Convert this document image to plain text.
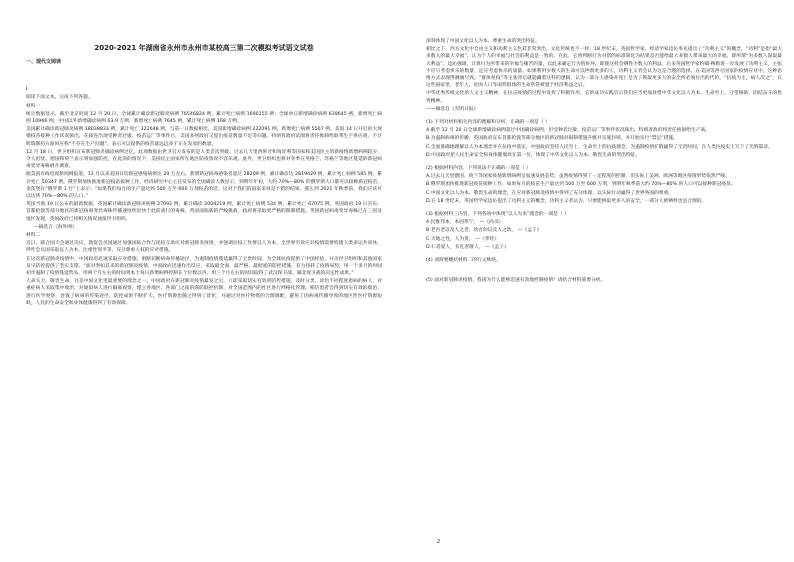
2020-2021 年湖南省永州市永州市某校高三第二次模拟考试语文试卷
一、现代文阅读

I.

阅读下面文本，完成下列各题。

材料一

统计数据显示，截至北京时间 12 月 20 日，全球累计确诊新冠肺炎病例 76546824 例，累计死亡病例 1690155 例；全球单日新增确诊病例 639645 例，新增死亡病例 10966 例。中国以外新增确诊病例 63.9 万例，新增死亡病例 7645 例，累计死亡病例 168 万例。

美国累计确诊新冠肺炎病例 18038833 例，累计死亡 322648 例，与前一日数据相比，美国新增确诊病例 222091 例，新增死亡病例 5507 例。美国 14 日开启的大规模疫苗接种工作状况频出，在接连出现受种者过敏、疫苗运厂等事件后，美国多州政府又提出疫苗数量不足等问题。特朗普政府试图将责任推卸给联邦生产供应商，不过辉瑞制药方面回应称“不存在生产问题”，表示可以提供的疫苗量远远多于正在发放的数量。

12 月 18 日，世卫组织宣布新冠肺炎确诊病例过亿，此项数据由世卫官方发布的是人类首次突破。过去几天里西班牙和匈牙利等国家和美国民主的新疫情新增病例较少，令人担忧。德国和荷兰表示将加强防控，在此前的情况下，美国民主国家所在地区防疫情况不容乐观。此外，世卫组织也将对冬季在英格兰、苏格兰等地区蔓延的新冠病毒变异毒株展开调查。

据美国有线电视新闻网报道，12 月以来美国日均新冠感染病例达 20 万左右，新增新冠病毒感染者超过 28209 例，累计确诊达 2819429 例，累计死亡病例 585 例。累计死亡 50347 例。俄罗斯加快推进新冠疫苗接种工作，经济研究中心主任发布的全国确诊人数显示，到明年年初，大约 70%—80% 的俄罗斯人口都可以接种新冠疫苗，金茨堡在“俄罗斯 1 台”上表示：“如果我们每月的生产量达到 500 万至 600 万剂疫苗的话，这对于我们的国家来说是不错的结果。那么到 2021 年秋季前，我们应该可以达到 70%—80% 的人口。”

英国当地 19 日公布的最新数据，英国累计确诊新冠肺炎病例 27092 例，累计确诊 2004219 例，累计死亡病例 534 例，累计死亡 67075 例。英国政府 19 日宣布，首都伦敦等部分地区的新冠病毒变异毒株传播速度明显快于此前流行的毒株，英国面临新的严峻挑战，政府将采取更严格的限制措施。英国新冠病毒变异毒株已在三国及地区发现，英国政府已将相关情况通报世卫组织。

—摘选自《海外网》

材料二

近日，联合国大会通过决议，敦促会员国通过加强国际合作与团结互助应对新冠肺炎疫情，并强调抗疫工作要以人为本，全世界有效应对疫情需要构建人类命运共同体，呼吁会员国采取以人为本、注重性别平等、充分尊重人权的应对措施。

在这次新冠肺炎疫情中，中国政府迅速采取应对措施，果断切断病毒传播途径，为遏制疫情蔓延赢得了宝贵时间，为全球抗疫提供了中国经验，并为世卫组织和其他国家及早防控提供了坚实支撑。“面对突如其来的新冠肺炎疫情，中国政府迅速作出反应，采取最全面、最严格、最彻底的防控措施，有力扭转了疫情局势，用一个多月的时间初步遏制了疫情蔓延势头，用两个月左右的时间将本土每日新增病例控制在个位数以内，用三个月左右的时间取得了武汉保卫战、湖北保卫战的决定性成果。”

人命关天，敬畏生命，这是中国文化里最重要的理念之一。中国政府在新冠肺炎疫情暴发之后，立即采取切实有效的防控措施，及时分类、诊治不同程度患病的病人，对重症病人采取集中收治，对疑似病人进行隔离观察，建立各地区、各部门之间的联防联控机制，对全国范围内的社区进行网格化管理。相信患者会得到切实有效的救治，进行医学观察，处置了病毒的传染途径，防控成果不断扩大。医疗资源也随之得到了优化，并通过对医疗物资的合理调配，避免了因病毒传播导致的地区性医疗资源短缺，人民的生命安全和身体健康得到了有效保障。

深刻体现了中国文化以人为本、尊重生命的突出特征。

相比之下，西方文化中自由主义和功利主义色彩非常突出，文化传统也不一样。18 世纪末，英国哲学家、经济学家边沁率先提出了“功利主义”的概念，“功利”是指“最大多数人的最大幸福”，认为个人的幸福与社会的利益是一致的。在此，它将判断行为对错的标准简化为结果是否能给最大多数人带来最大的幸福，即所谓“为多数人谋取最大利益”。边沁强调，计算行为所带来的幸福与痛苦的量，以此来确定行为的好坏，即使这样会牺牲少数人的利益。后来英国哲学家约翰·穆勒进一步发展了功利主义，主张不应只考虑快乐的数量，还应考虑快乐的质量。如果利用少数人的生命可以拯救更多的人，功利主义者会认为这是合理的选择。在美国等西方国家的疫情应对中，这种思维方式表现得淋漓尽致。“群体免疫”等主张背后就隐藏着这样的逻辑，认为一部分人感染并死亡是为了换取更多人的安全所必须付出的代价。“抗疫为主，病人次之”，在这些国家里，老年人、贫困人口等弱势群体的生命常常被置于经济利益之后。

中华优秀传统文化的人文主义精神，在抗击疫情的过程中发挥了积极作用，它的成功实践启示我们应当更加珍惜中华文化以人为本、生命至上、守望相助、团结奋斗的优秀精神。

——摘选自《光明日报》

(1) 下列对材料相关内容的理解和分析，正确的一项是（ ）

A.截至 12 月 20 日全球新增确诊病例超过中国确诊病例，但受种者过敏、疫苗运厂等事件状况频出，特朗普政府将责任推卸给生产商。

B.为遏制病毒的传播，英国政府宣布首都伦敦等部分地区的新冠肺炎限制措施升级并实施封锁，并开始实行“禁足”措施。

C.全面准确地理解以人为本理念并在抗疫中落实，中国政府坚持人民至上、生命至上的抗疫理念，为遏制疫情扩散赢得了宝贵时间，在人类抗疫史上写下了光辉篇章。

D.中国政府把人民生命安全和身体健康放在第一位，体现了中华文化以人为本、敬畏生命的突出特征。

(2) 根据材料内容，下列说法不正确的一项是（ ）

A.过去几天里德国、荷兰等国家疫情新增病例呈加速发展态势，虽然疫情得到了一定程度的控制，但实际上美洲、欧洲等地区疫情形势依然严峻。

B.俄罗斯加快推进新冠疫苗接种工作，如果每月的疫苗生产量达到 500 万至 600 万剂，到明年秋季前大约 70%—80% 的人口可以接种新冠疫苗。

C.中国文化以人为本、敬畏生命的理念，在应对新冠肺炎疫情中得到了充分体现，以实际行动赢得了世界各国的尊重。

D.在 18 世纪末，英国哲学家边沁提出了功利主义的概念，功利主义者认为，只要能换取更多人的安全，一部分人被牺牲也是合理的。

(3) 根据材料三内容，下列各项中体现“以人为本”理念的一项是（ ）

A.民惟邦本，本固邦宁。 —《尚书》

B.老吾老以及人之老，幼吾幼以及人之幼。 —《孟子》

C.天地之性，人为贵。 —《孝经》

D.仁者爱人，有礼者敬人。 —《孟子》

(4) 请简要概括材料二的行文脉络。

(5) 面对新冠肺炎疫情，我国为什么能够迅速有效地控制疫情？请结合材料简要分析。

2
